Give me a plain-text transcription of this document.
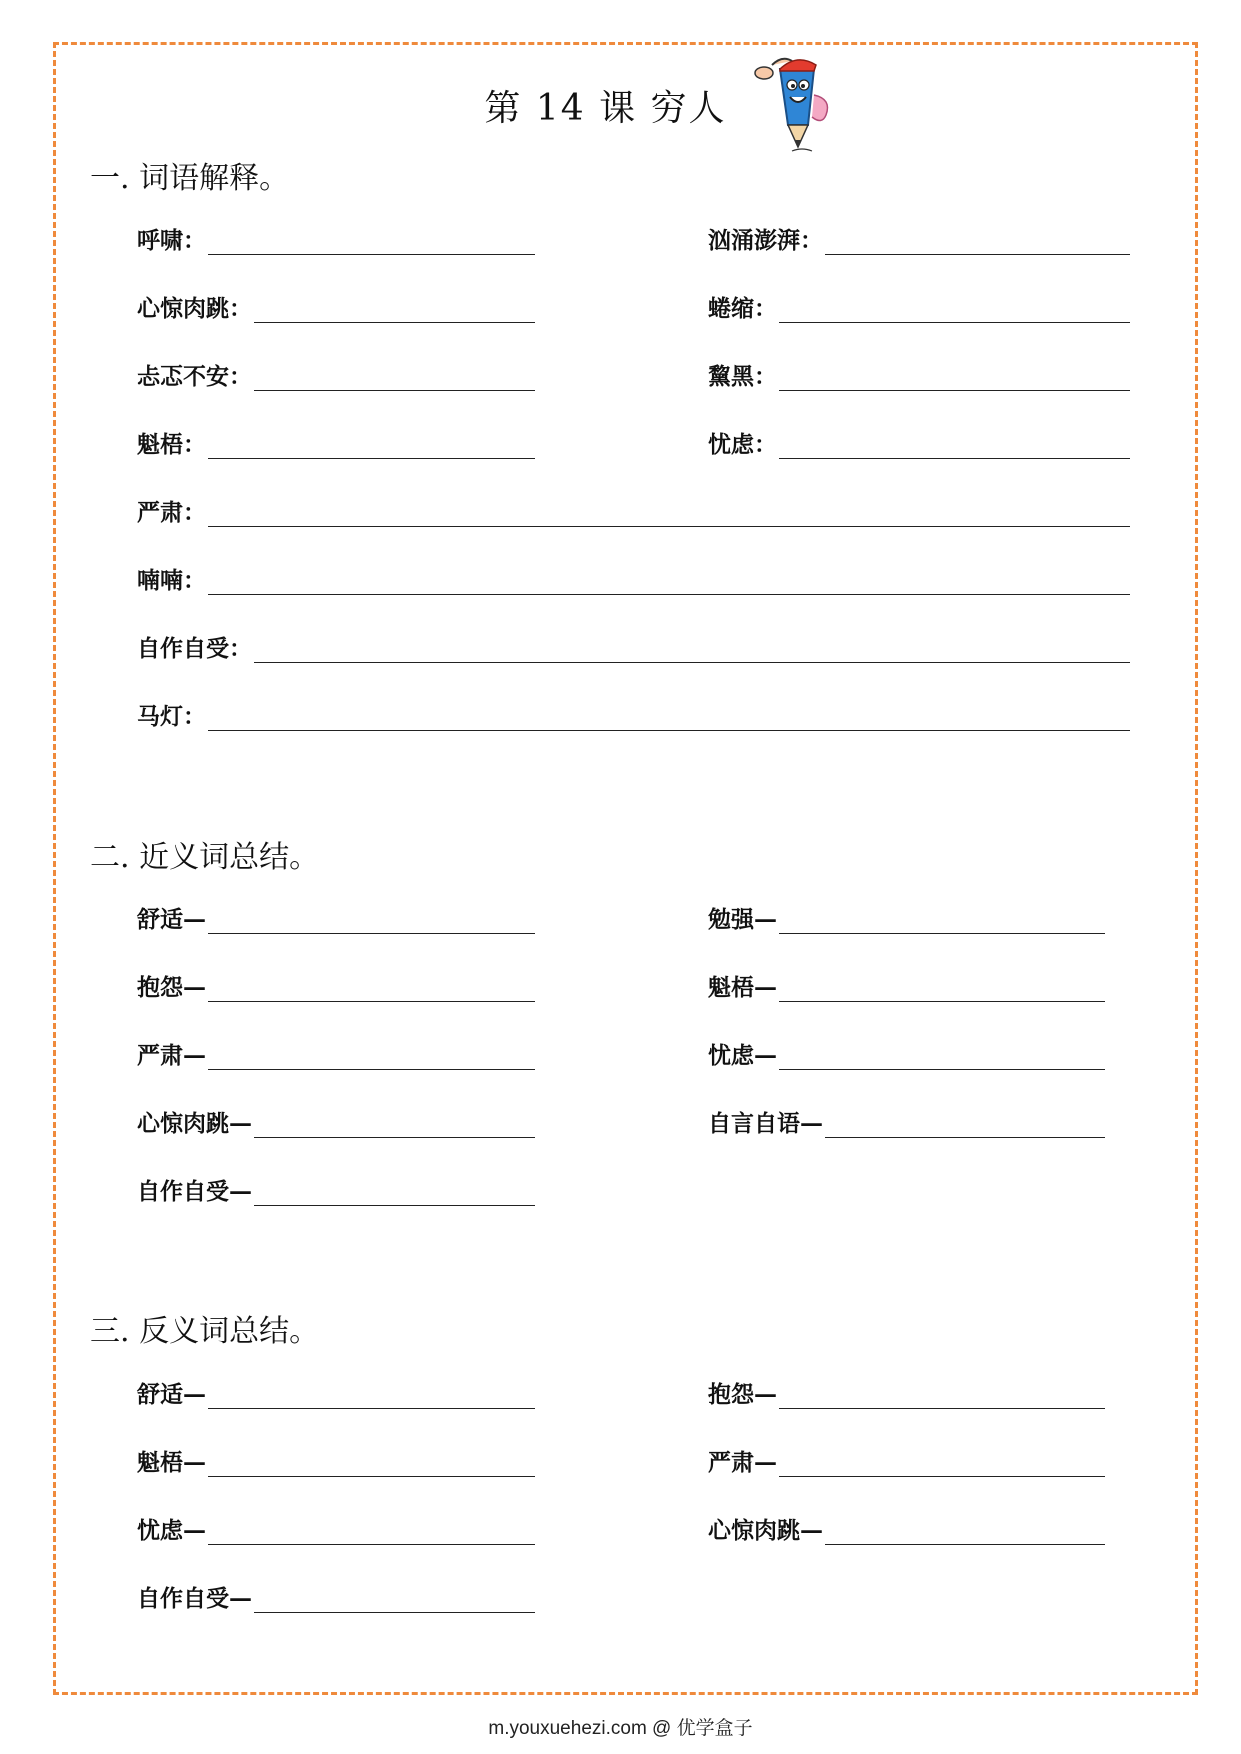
第 14 课 穷人
一. 词语解释。
呼啸：	汹涌澎湃：
心惊肉跳：	蜷缩：
忐忑不安：	黧黑：
魁梧：	忧虑：
严肃：
喃喃：
自作自受：
马灯：
二. 近义词总结。
舒适—	勉强—
抱怨—	魁梧—
严肃—	忧虑—
心惊肉跳—	自言自语—
自作自受—
三. 反义词总结。
舒适—	抱怨—
魁梧—	严肃—
忧虑—	心惊肉跳—
自作自受—
m.youxuehezi.com @ 优学盒子
